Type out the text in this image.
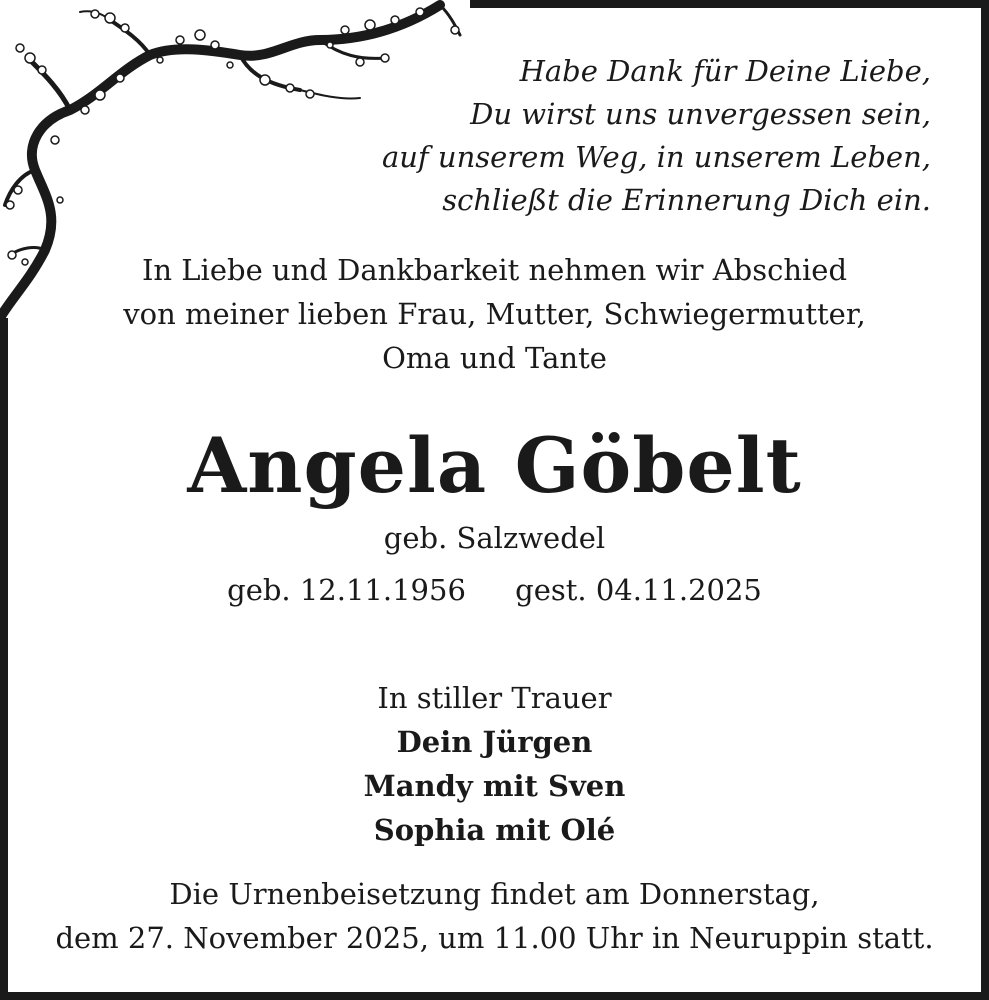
Habe Dank für Deine Liebe,
Du wirst uns unvergessen sein,
auf unserem Weg, in unserem Leben,
schließt die Erinnerung Dich ein.
In Liebe und Dankbarkeit nehmen wir Abschied
von meiner lieben Frau, Mutter, Schwiegermutter,
Oma und Tante
Angela Göbelt
geb. Salzwedel
geb. 12.11.1956 gest. 04.11.2025
In stiller Trauer
Dein Jürgen
Mandy mit Sven
Sophia mit Olé
Die Urnenbeisetzung findet am Donnerstag,
dem 27. November 2025, um 11.00 Uhr in Neuruppin statt.
